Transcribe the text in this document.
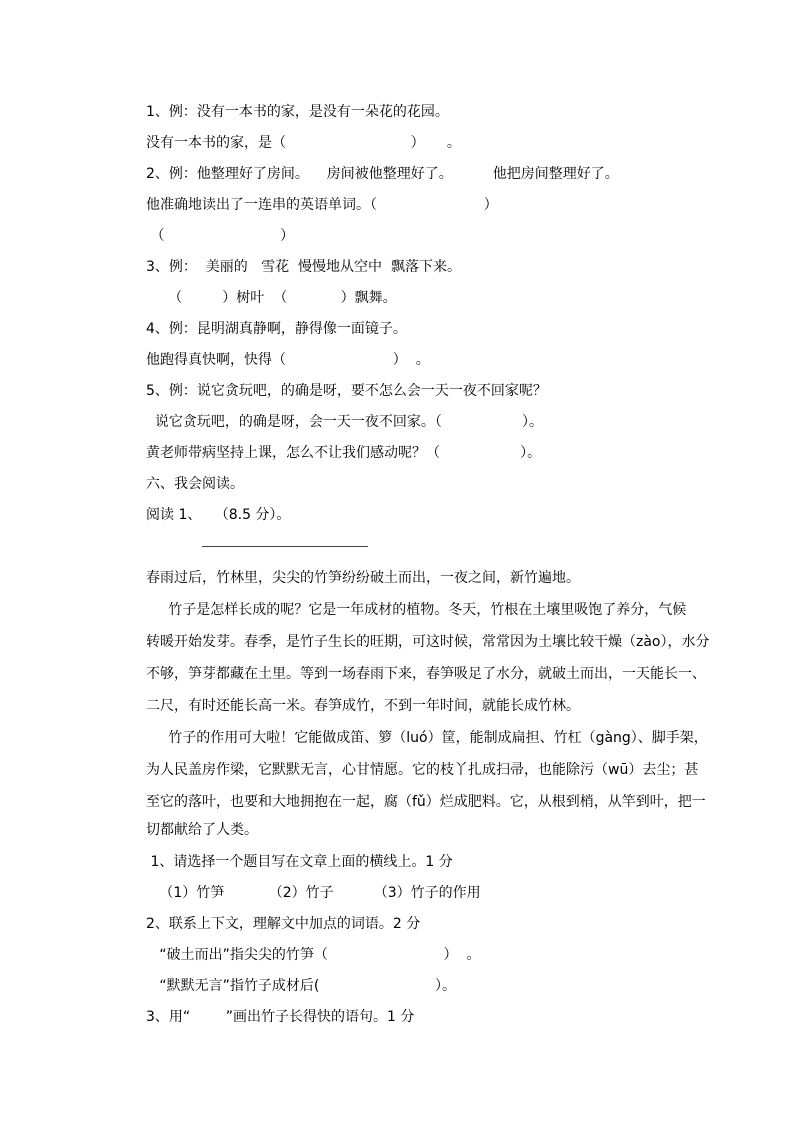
1、例：没有一本书的家，是没有一朵花的花园。
没有一本书的家，是（                            ）     。
2、例：他整理好了房间。    房间被他整理好了。         他把房间整理好了。
他准确地读出了一连串的英语单词。（                        ）
（                          ）
3、例：  美丽的   雪花  慢慢地从空中  飘落下来。
（         ）树叶  （            ）飘舞。
4、例：昆明湖真静啊，静得像一面镜子。
他跑得真快啊，快得（                        ）  。
5、例：说它贪玩吧，的确是呀，要不怎么会一天一夜不回家呢？
说它贪玩吧，的确是呀，会一天一夜不回家。（                  ）。
黄老师带病坚持上课，怎么不让我们感动呢？（                  ）。
六、我会阅读。
阅读 1、   （8.5 分）。
春雨过后，竹林里，尖尖的竹笋纷纷破土而出，一夜之间，新竹遍地。
竹子是怎样长成的呢？它是一年成材的植物。冬天，竹根在土壤里吸饱了养分，气候
转暖开始发芽。春季，是竹子生长的旺期，可这时候，常常因为土壤比较干燥（zào），水分
不够，笋芽都藏在土里。等到一场春雨下来，春笋吸足了水分，就破土而出，一天能长一、
二尺，有时还能长高一米。春笋成竹，不到一年时间，就能长成竹林。
竹子的作用可大啦！它能做成笛、箩（luó）筐，能制成扁担、竹杠（gàng）、脚手架，
为人民盖房作梁，它默默无言，心甘情愿。它的枝丫扎成扫帚，也能除污（wū）去尘；甚
至它的落叶，也要和大地拥抱在一起，腐（fǔ）烂成肥料。它，从根到梢，从竿到叶，把一
切都献给了人类。
1、请选择一个题目写在文章上面的横线上。1 分
（1）竹笋          （2）竹子         （3）竹子的作用
2、联系上下文，理解文中加点的词语。2 分
“破土而出”指尖尖的竹笋（                          ）  。
“默默无言”指竹子成材后(                          ）。
3、用“        ”画出竹子长得快的语句。1 分
